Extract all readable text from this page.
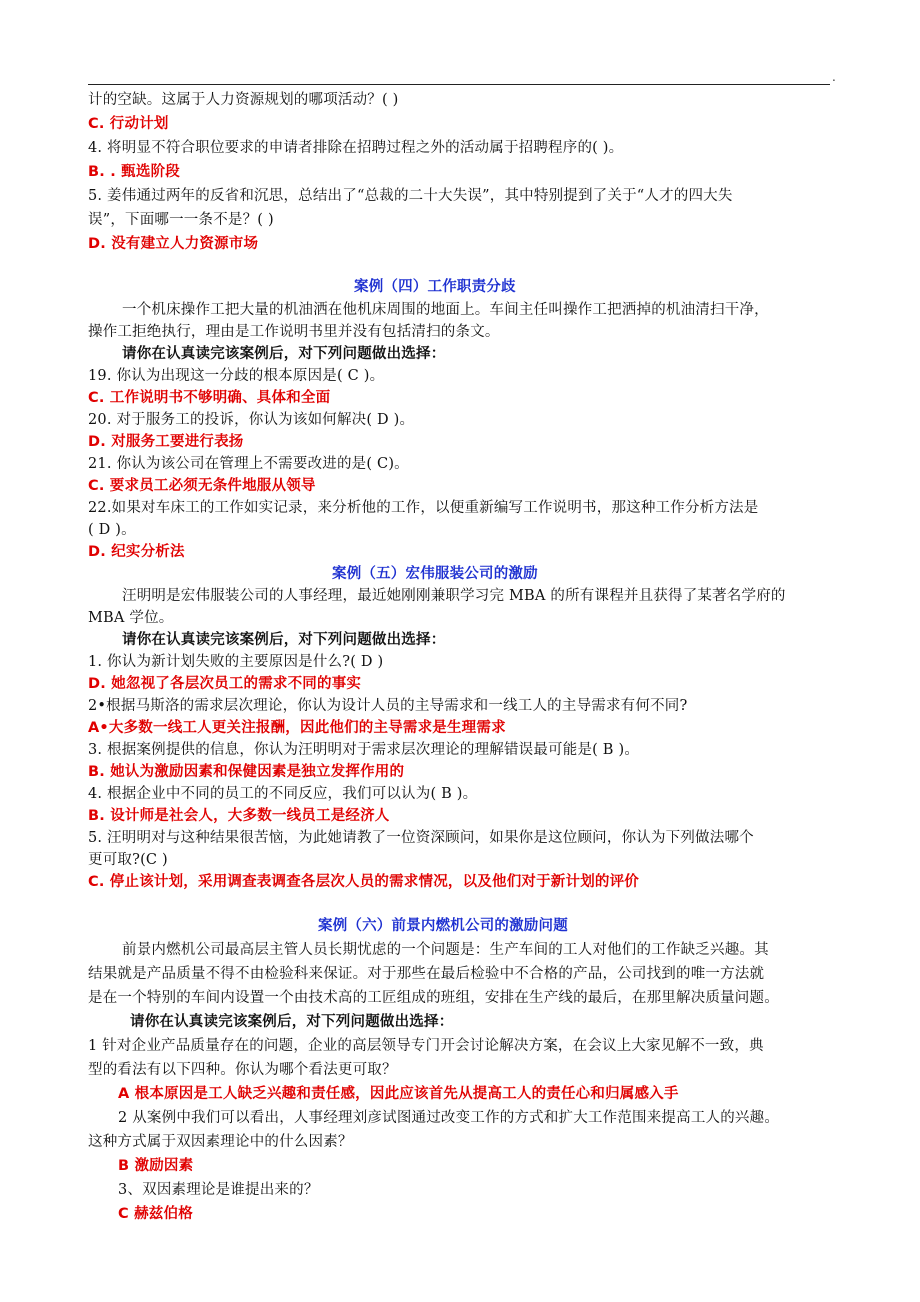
.
计的空缺。这属于人力资源规划的哪项活动？( )
C. 行动计划
4. 将明显不符合职位要求的申请者排除在招聘过程之外的活动属于招聘程序的( )。
B. . 甄选阶段
5. 姜伟通过两年的反省和沉思，总结出了“总裁的二十大失误”，其中特别提到了关于“人才的四大失
误”，下面哪一一条不是？( )
D. 没有建立人力资源市场
案例（四）工作职责分歧
一个机床操作工把大量的机油洒在他机床周围的地面上。车间主任叫操作工把洒掉的机油清扫干净，
操作工拒绝执行，理由是工作说明书里并没有包括清扫的条文。
请你在认真读完该案例后，对下列问题做出选择：
19. 你认为出现这一分歧的根本原因是( C )。
C. 工作说明书不够明确、具体和全面
20. 对于服务工的投诉，你认为该如何解决( D )。
D. 对服务工要进行表扬
21. 你认为该公司在管理上不需要改进的是( C)。
C. 要求员工必须无条件地服从领导
22.如果对车床工的工作如实记录，来分析他的工作，以便重新编写工作说明书，那这种工作分析方法是
( D )。
D. 纪实分析法
案例（五）宏伟服装公司的激励
汪明明是宏伟服装公司的人事经理，最近她刚刚兼职学习完 MBA 的所有课程并且获得了某著名学府的
MBA 学位。
请你在认真读完该案例后，对下列问题做出选择：
1. 你认为新计划失败的主要原因是什么?( D )
D. 她忽视了各层次员工的需求不同的事实
2•根据马斯洛的需求层次理论，你认为设计人员的主导需求和一线工人的主导需求有何不同?
A•大多数一线工人更关注报酬，因此他们的主导需求是生理需求
3. 根据案例提供的信息，你认为汪明明对于需求层次理论的理解错误最可能是( B )。
B. 她认为激励因素和保健因素是独立发挥作用的
4. 根据企业中不同的员工的不同反应，我们可以认为( B )。
B. 设计师是社会人，大多数一线员工是经济人
5. 汪明明对与这种结果很苦恼，为此她请教了一位资深顾问，如果你是这位顾问，你认为下列做法哪个
更可取?(C )
C. 停止该计划，采用调查表调查各层次人员的需求情况，以及他们对于新计划的评价
案例（六）前景内燃机公司的激励问题
前景内燃机公司最高层主管人员长期忧虑的一个问题是：生产车间的工人对他们的工作缺乏兴趣。其
结果就是产品质量不得不由检验科来保证。对于那些在最后检验中不合格的产品，公司找到的唯一方法就
是在一个特别的车间内设置一个由技术高的工匠组成的班组，安排在生产线的最后，在那里解决质量问题。
请你在认真读完该案例后，对下列问题做出选择：
1 针对企业产品质量存在的问题，企业的高层领导专门开会讨论解决方案，在会议上大家见解不一致，典
型的看法有以下四种。你认为哪个看法更可取？
A 根本原因是工人缺乏兴趣和责任感，因此应该首先从提高工人的责任心和归属感入手
2 从案例中我们可以看出，人事经理刘彦试图通过改变工作的方式和扩大工作范围来提高工人的兴趣。
这种方式属于双因素理论中的什么因素？
B 激励因素
3、双因素理论是谁提出来的？
C 赫兹伯格
